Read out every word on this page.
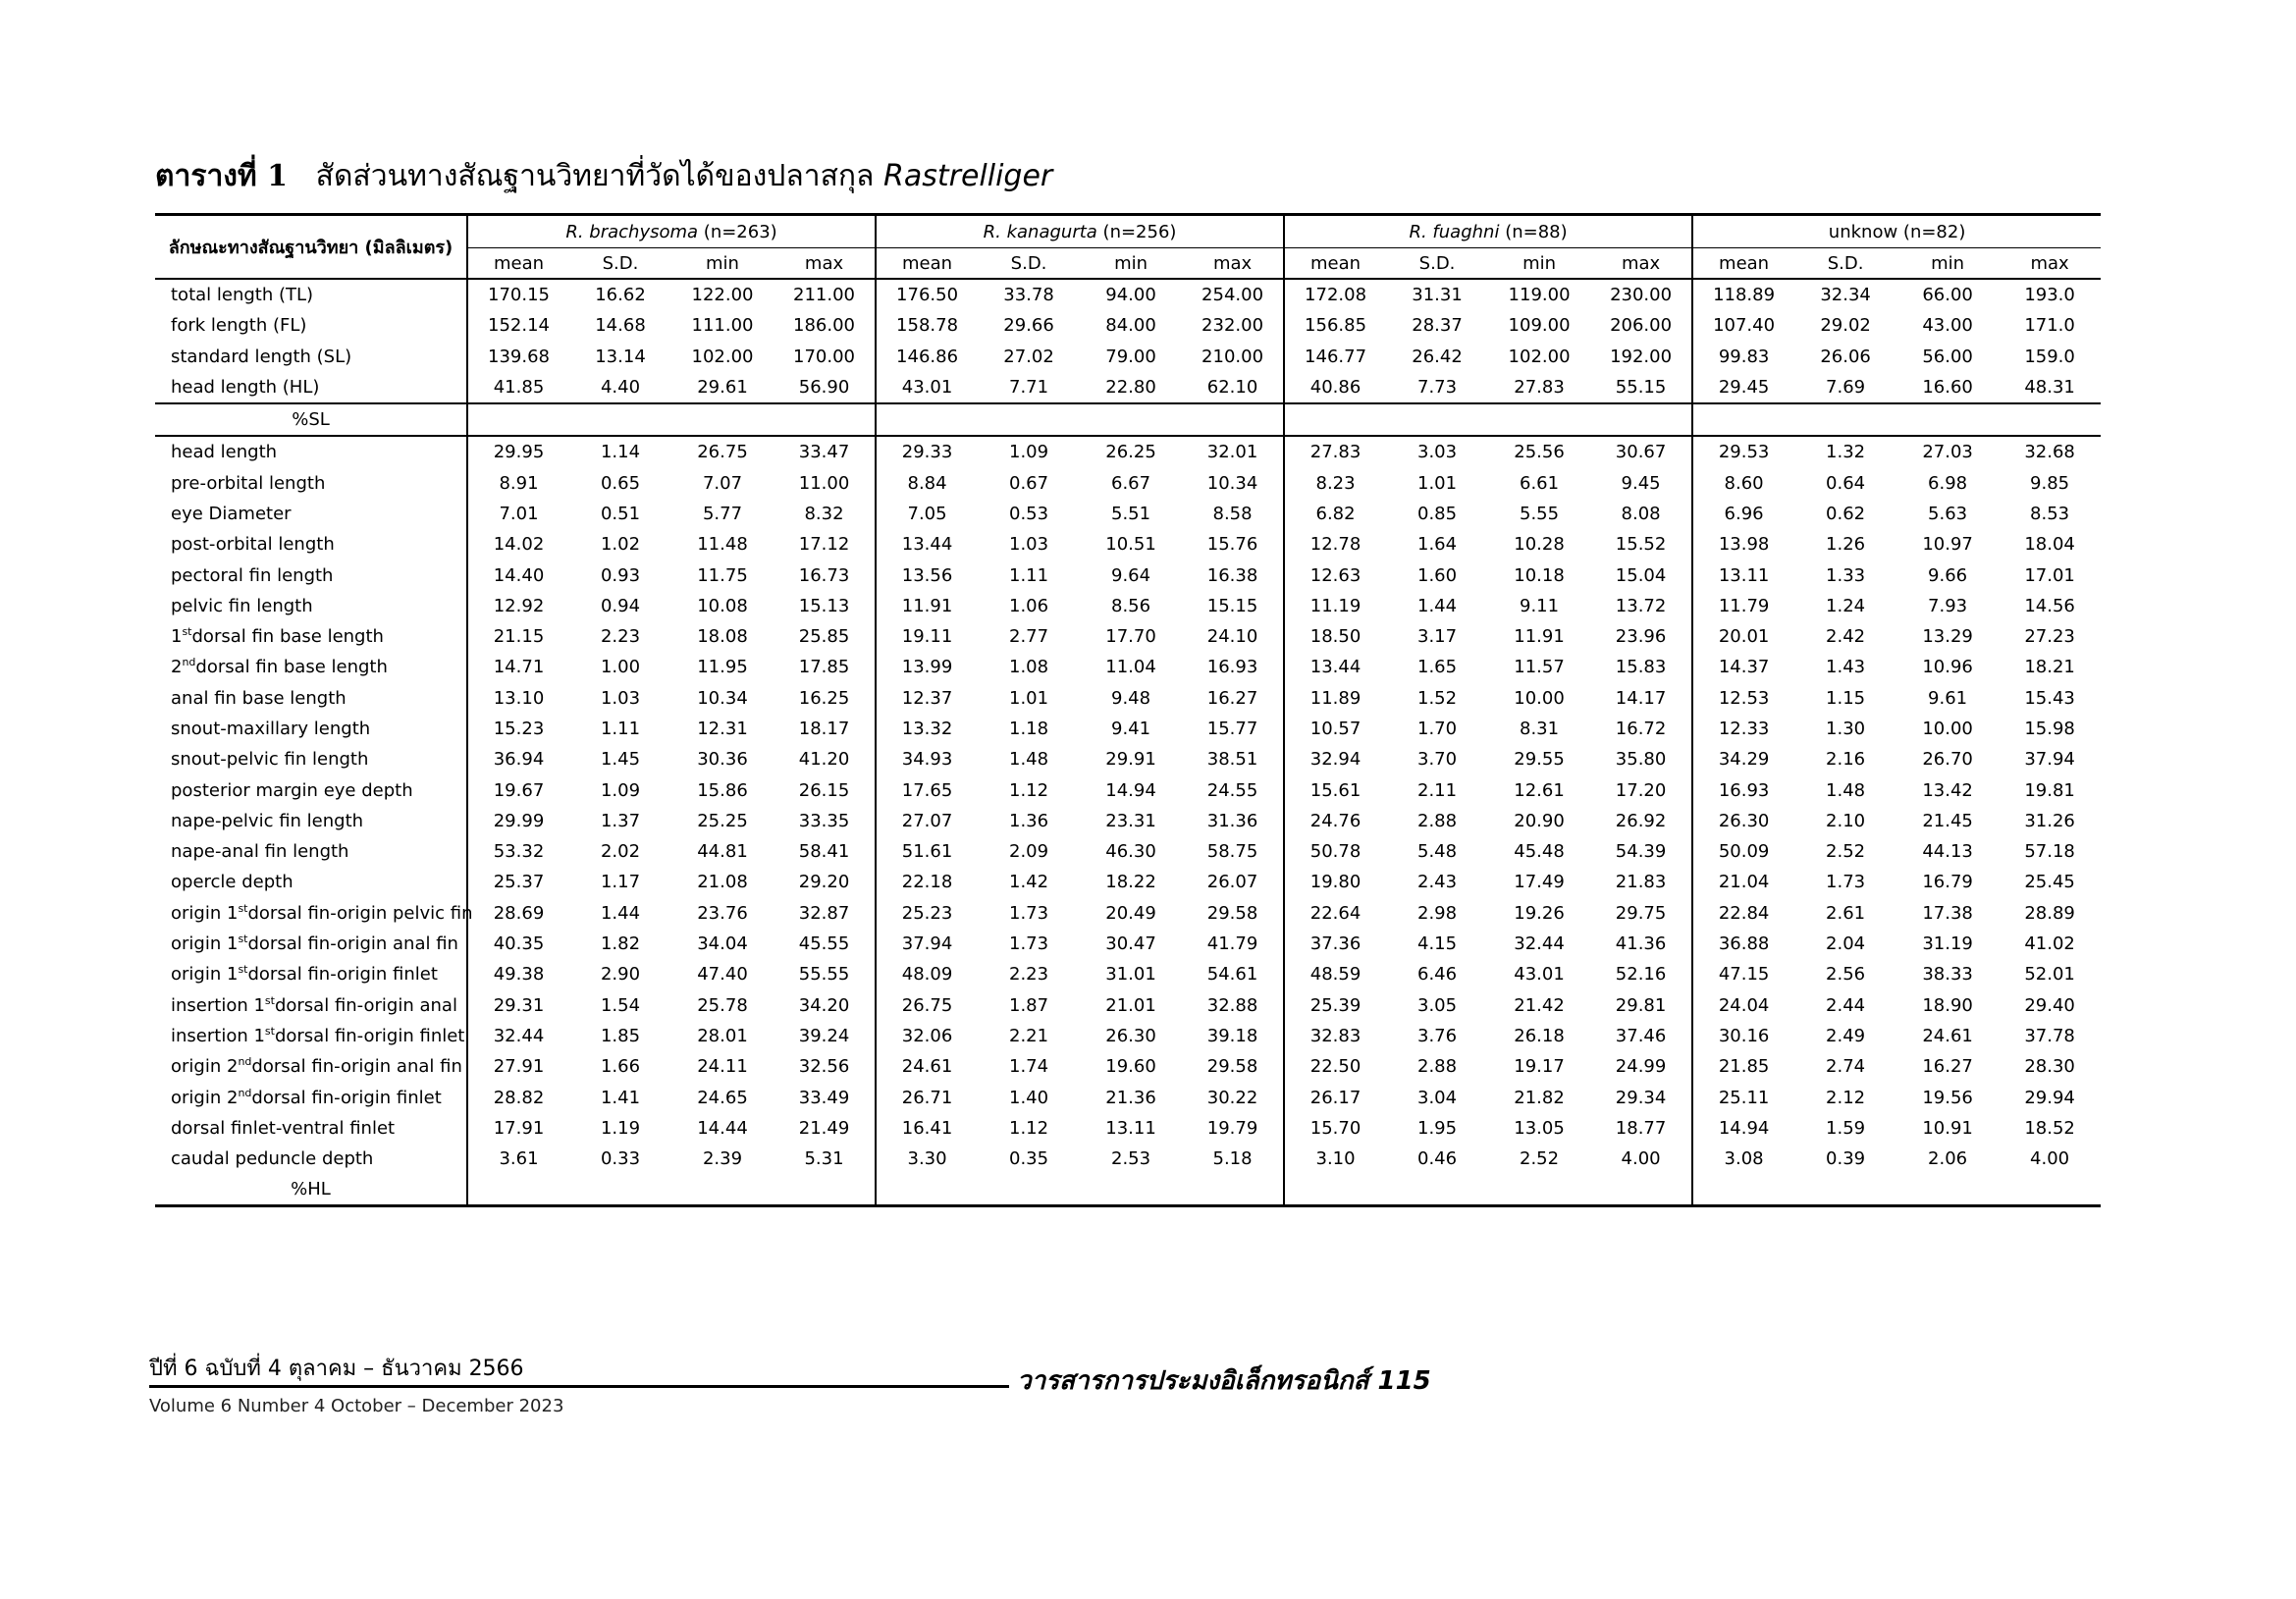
ตารางที่ 1 สัดส่วนทางสัณฐานวิทยาที่วัดได้ของปลาสกุล Rastrelliger
ลักษณะทางสัณฐานวิทยา (มิลลิเมตร)	R. brachysoma (n=263)				R. kanagurta (n=256)				R. fuaghni (n=88)				unknow (n=82)			
	mean	S.D.	min	max	mean	S.D.	min	max	mean	S.D.	min	max	mean	S.D.	min	max
total length (TL)	170.15	16.62	122.00	211.00	176.50	33.78	94.00	254.00	172.08	31.31	119.00	230.00	118.89	32.34	66.00	193.0
fork length (FL)	152.14	14.68	111.00	186.00	158.78	29.66	84.00	232.00	156.85	28.37	109.00	206.00	107.40	29.02	43.00	171.0
standard length (SL)	139.68	13.14	102.00	170.00	146.86	27.02	79.00	210.00	146.77	26.42	102.00	192.00	99.83	26.06	56.00	159.0
head length (HL)	41.85	4.40	29.61	56.90	43.01	7.71	22.80	62.10	40.86	7.73	27.83	55.15	29.45	7.69	16.60	48.31
%SL																
head length	29.95	1.14	26.75	33.47	29.33	1.09	26.25	32.01	27.83	3.03	25.56	30.67	29.53	1.32	27.03	32.68
pre-orbital length	8.91	0.65	7.07	11.00	8.84	0.67	6.67	10.34	8.23	1.01	6.61	9.45	8.60	0.64	6.98	9.85
eye Diameter	7.01	0.51	5.77	8.32	7.05	0.53	5.51	8.58	6.82	0.85	5.55	8.08	6.96	0.62	5.63	8.53
post-orbital length	14.02	1.02	11.48	17.12	13.44	1.03	10.51	15.76	12.78	1.64	10.28	15.52	13.98	1.26	10.97	18.04
pectoral fin length	14.40	0.93	11.75	16.73	13.56	1.11	9.64	16.38	12.63	1.60	10.18	15.04	13.11	1.33	9.66	17.01
pelvic fin length	12.92	0.94	10.08	15.13	11.91	1.06	8.56	15.15	11.19	1.44	9.11	13.72	11.79	1.24	7.93	14.56
1stdorsal fin base length	21.15	2.23	18.08	25.85	19.11	2.77	17.70	24.10	18.50	3.17	11.91	23.96	20.01	2.42	13.29	27.23
2nddorsal fin base length	14.71	1.00	11.95	17.85	13.99	1.08	11.04	16.93	13.44	1.65	11.57	15.83	14.37	1.43	10.96	18.21
anal fin base length	13.10	1.03	10.34	16.25	12.37	1.01	9.48	16.27	11.89	1.52	10.00	14.17	12.53	1.15	9.61	15.43
snout-maxillary length	15.23	1.11	12.31	18.17	13.32	1.18	9.41	15.77	10.57	1.70	8.31	16.72	12.33	1.30	10.00	15.98
snout-pelvic fin length	36.94	1.45	30.36	41.20	34.93	1.48	29.91	38.51	32.94	3.70	29.55	35.80	34.29	2.16	26.70	37.94
posterior margin eye depth	19.67	1.09	15.86	26.15	17.65	1.12	14.94	24.55	15.61	2.11	12.61	17.20	16.93	1.48	13.42	19.81
nape-pelvic fin length	29.99	1.37	25.25	33.35	27.07	1.36	23.31	31.36	24.76	2.88	20.90	26.92	26.30	2.10	21.45	31.26
nape-anal fin length	53.32	2.02	44.81	58.41	51.61	2.09	46.30	58.75	50.78	5.48	45.48	54.39	50.09	2.52	44.13	57.18
opercle depth	25.37	1.17	21.08	29.20	22.18	1.42	18.22	26.07	19.80	2.43	17.49	21.83	21.04	1.73	16.79	25.45
origin 1stdorsal fin-origin pelvic fin	28.69	1.44	23.76	32.87	25.23	1.73	20.49	29.58	22.64	2.98	19.26	29.75	22.84	2.61	17.38	28.89
origin 1stdorsal fin-origin anal fin	40.35	1.82	34.04	45.55	37.94	1.73	30.47	41.79	37.36	4.15	32.44	41.36	36.88	2.04	31.19	41.02
origin 1stdorsal fin-origin finlet	49.38	2.90	47.40	55.55	48.09	2.23	31.01	54.61	48.59	6.46	43.01	52.16	47.15	2.56	38.33	52.01
insertion 1stdorsal fin-origin anal	29.31	1.54	25.78	34.20	26.75	1.87	21.01	32.88	25.39	3.05	21.42	29.81	24.04	2.44	18.90	29.40
insertion 1stdorsal fin-origin finlet	32.44	1.85	28.01	39.24	32.06	2.21	26.30	39.18	32.83	3.76	26.18	37.46	30.16	2.49	24.61	37.78
origin 2nddorsal fin-origin anal fin	27.91	1.66	24.11	32.56	24.61	1.74	19.60	29.58	22.50	2.88	19.17	24.99	21.85	2.74	16.27	28.30
origin 2nddorsal fin-origin finlet	28.82	1.41	24.65	33.49	26.71	1.40	21.36	30.22	26.17	3.04	21.82	29.34	25.11	2.12	19.56	29.94
dorsal finlet-ventral finlet	17.91	1.19	14.44	21.49	16.41	1.12	13.11	19.79	15.70	1.95	13.05	18.77	14.94	1.59	10.91	18.52
caudal peduncle depth	3.61	0.33	2.39	5.31	3.30	0.35	2.53	5.18	3.10	0.46	2.52	4.00	3.08	0.39	2.06	4.00
%HL																
ปีที่ 6 ฉบับที่ 4 ตุลาคม – ธันวาคม 2566	วารสารการประมงอิเล็กทรอนิกส์ 115
Volume 6 Number 4 October – December 2023
